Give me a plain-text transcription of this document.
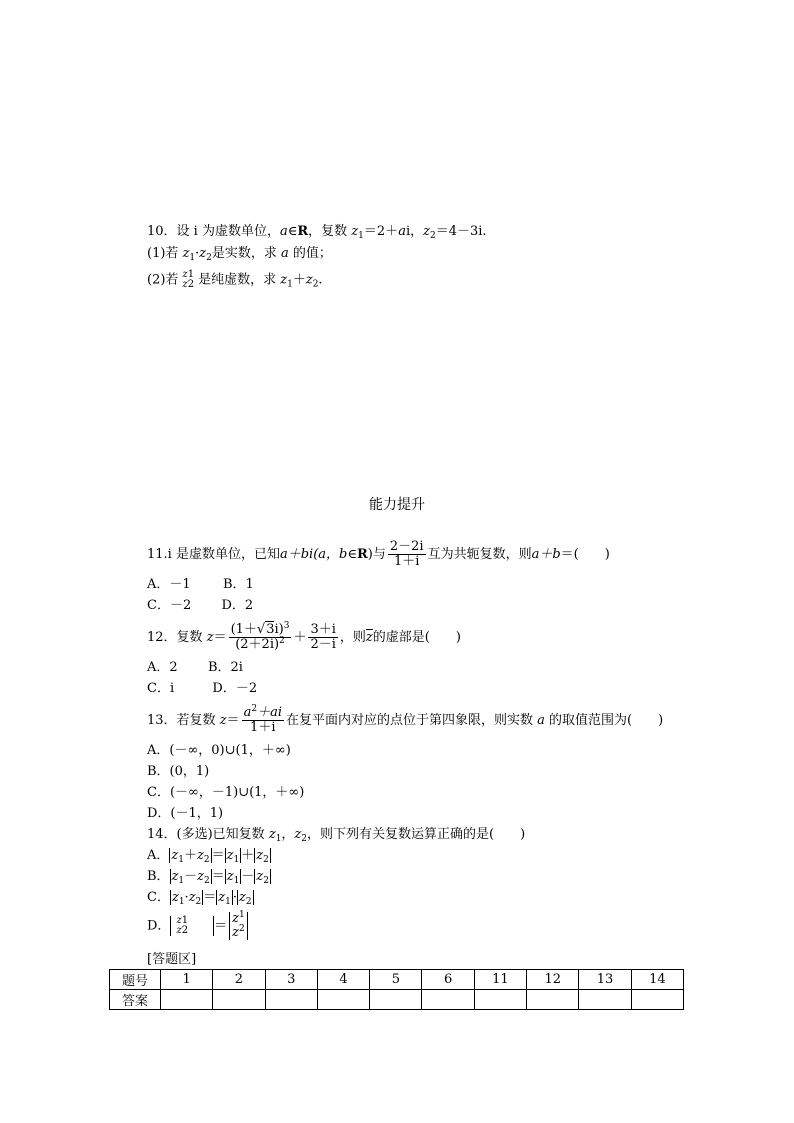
10．设 i 为虚数单位，a∈R，复数 $z_1=2+ai$，$z_2=4-3i$.
(1)若 $z_1\cdot z_2$是实数，求 a 的值；
(2)若 z1
z2 是纯虚数，求 $z_1+z_2$.
能力提升
11.i 是虚数单位，已知a＋bi(a，b∈R)与 $\frac{2-2i}{1+i}$ 互为共轭复数，则a＋b＝(　　)
A．－1 B．1
C．－2 D．2
12．复数 $z= \frac{(1+√3i)^3}{(2+2i)^2} + \frac{3+i}{2-i}$ ，则$\overline{z}$的虚部是(　　)
A．2 B．2i
C．i	D．－2
13．若复数 $z= \frac{a^2+ai}{1+i}$ 在复平面内对应的点位于第四象限，则实数 a 的取值范围为(　　)
A．(－∞，0)∪(1，＋∞)
B．(0，1)
C．(－∞，－1)∪(1，＋∞)
D．(－1，1)
14．(多选)已知复数 $z_1$，$z_2$，则下列有关复数运算正确的是(　　)
A． $z_1+z_2 = z_1 + z_2$
B． $z_1-z_2 = z_1 - z_2$
C． $z_1\cdot z_2 = z_1 \cdot z_2$
D． z1
$z2 = z^1$
$z^2$
[答题区]
题号	1	2	3	4	5	6	11	12	13	14
答案										
